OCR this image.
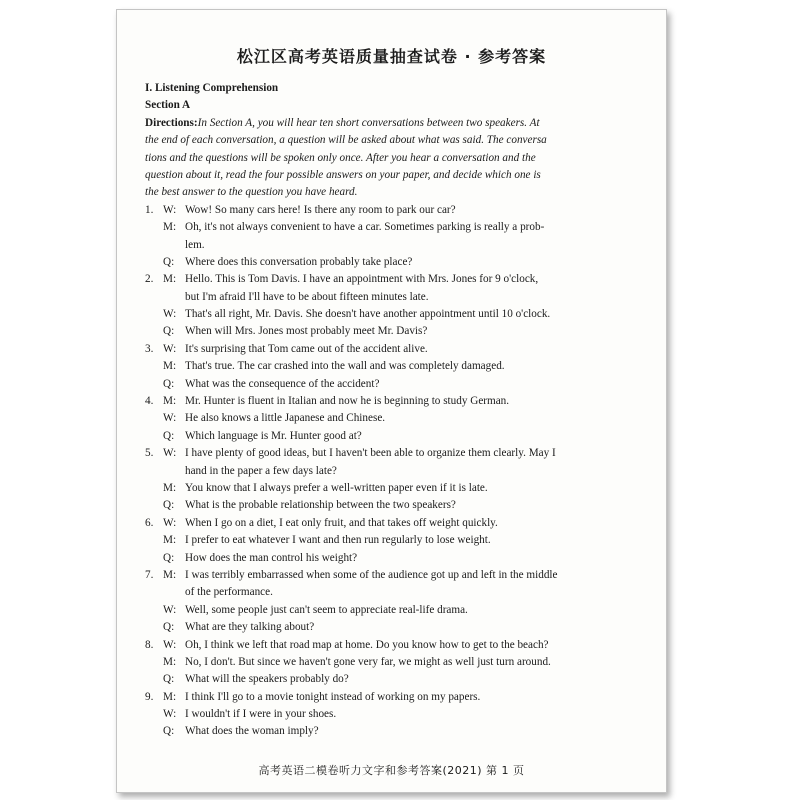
松江区高考英语质量抽查试卷 · 参考答案
I. Listening Comprehension
Section A
Directions:In Section A, you will hear ten short conversations between two speakers. At
the end of each conversation, a question will be asked about what was said. The conversa
tions and the questions will be spoken only once. After you hear a conversation and the
question about it, read the four possible answers on your paper, and decide which one is
the best answer to the question you have heard.
1. W: Wow! So many cars here! Is there any room to park our car?
M: Oh, it's not always convenient to have a car. Sometimes parking is really a prob-
lem.
Q: Where does this conversation probably take place?
2. M: Hello. This is Tom Davis. I have an appointment with Mrs. Jones for 9 o'clock,
but I'm afraid I'll have to be about fifteen minutes late.
W: That's all right, Mr. Davis. She doesn't have another appointment until 10 o'clock.
Q: When will Mrs. Jones most probably meet Mr. Davis?
3. W: It's surprising that Tom came out of the accident alive.
M: That's true. The car crashed into the wall and was completely damaged.
Q: What was the consequence of the accident?
4. M: Mr. Hunter is fluent in Italian and now he is beginning to study German.
W: He also knows a little Japanese and Chinese.
Q: Which language is Mr. Hunter good at?
5. W: I have plenty of good ideas, but I haven't been able to organize them clearly. May I
hand in the paper a few days late?
M: You know that I always prefer a well-written paper even if it is late.
Q: What is the probable relationship between the two speakers?
6. W: When I go on a diet, I eat only fruit, and that takes off weight quickly.
M: I prefer to eat whatever I want and then run regularly to lose weight.
Q: How does the man control his weight?
7. M: I was terribly embarrassed when some of the audience got up and left in the middle
of the performance.
W: Well, some people just can't seem to appreciate real-life drama.
Q: What are they talking about?
8. W: Oh, I think we left that road map at home. Do you know how to get to the beach?
M: No, I don't. But since we haven't gone very far, we might as well just turn around.
Q: What will the speakers probably do?
9. M: I think I'll go to a movie tonight instead of working on my papers.
W: I wouldn't if I were in your shoes.
Q: What does the woman imply?
高考英语二模卷听力文字和参考答案(2021) 第 1 页
